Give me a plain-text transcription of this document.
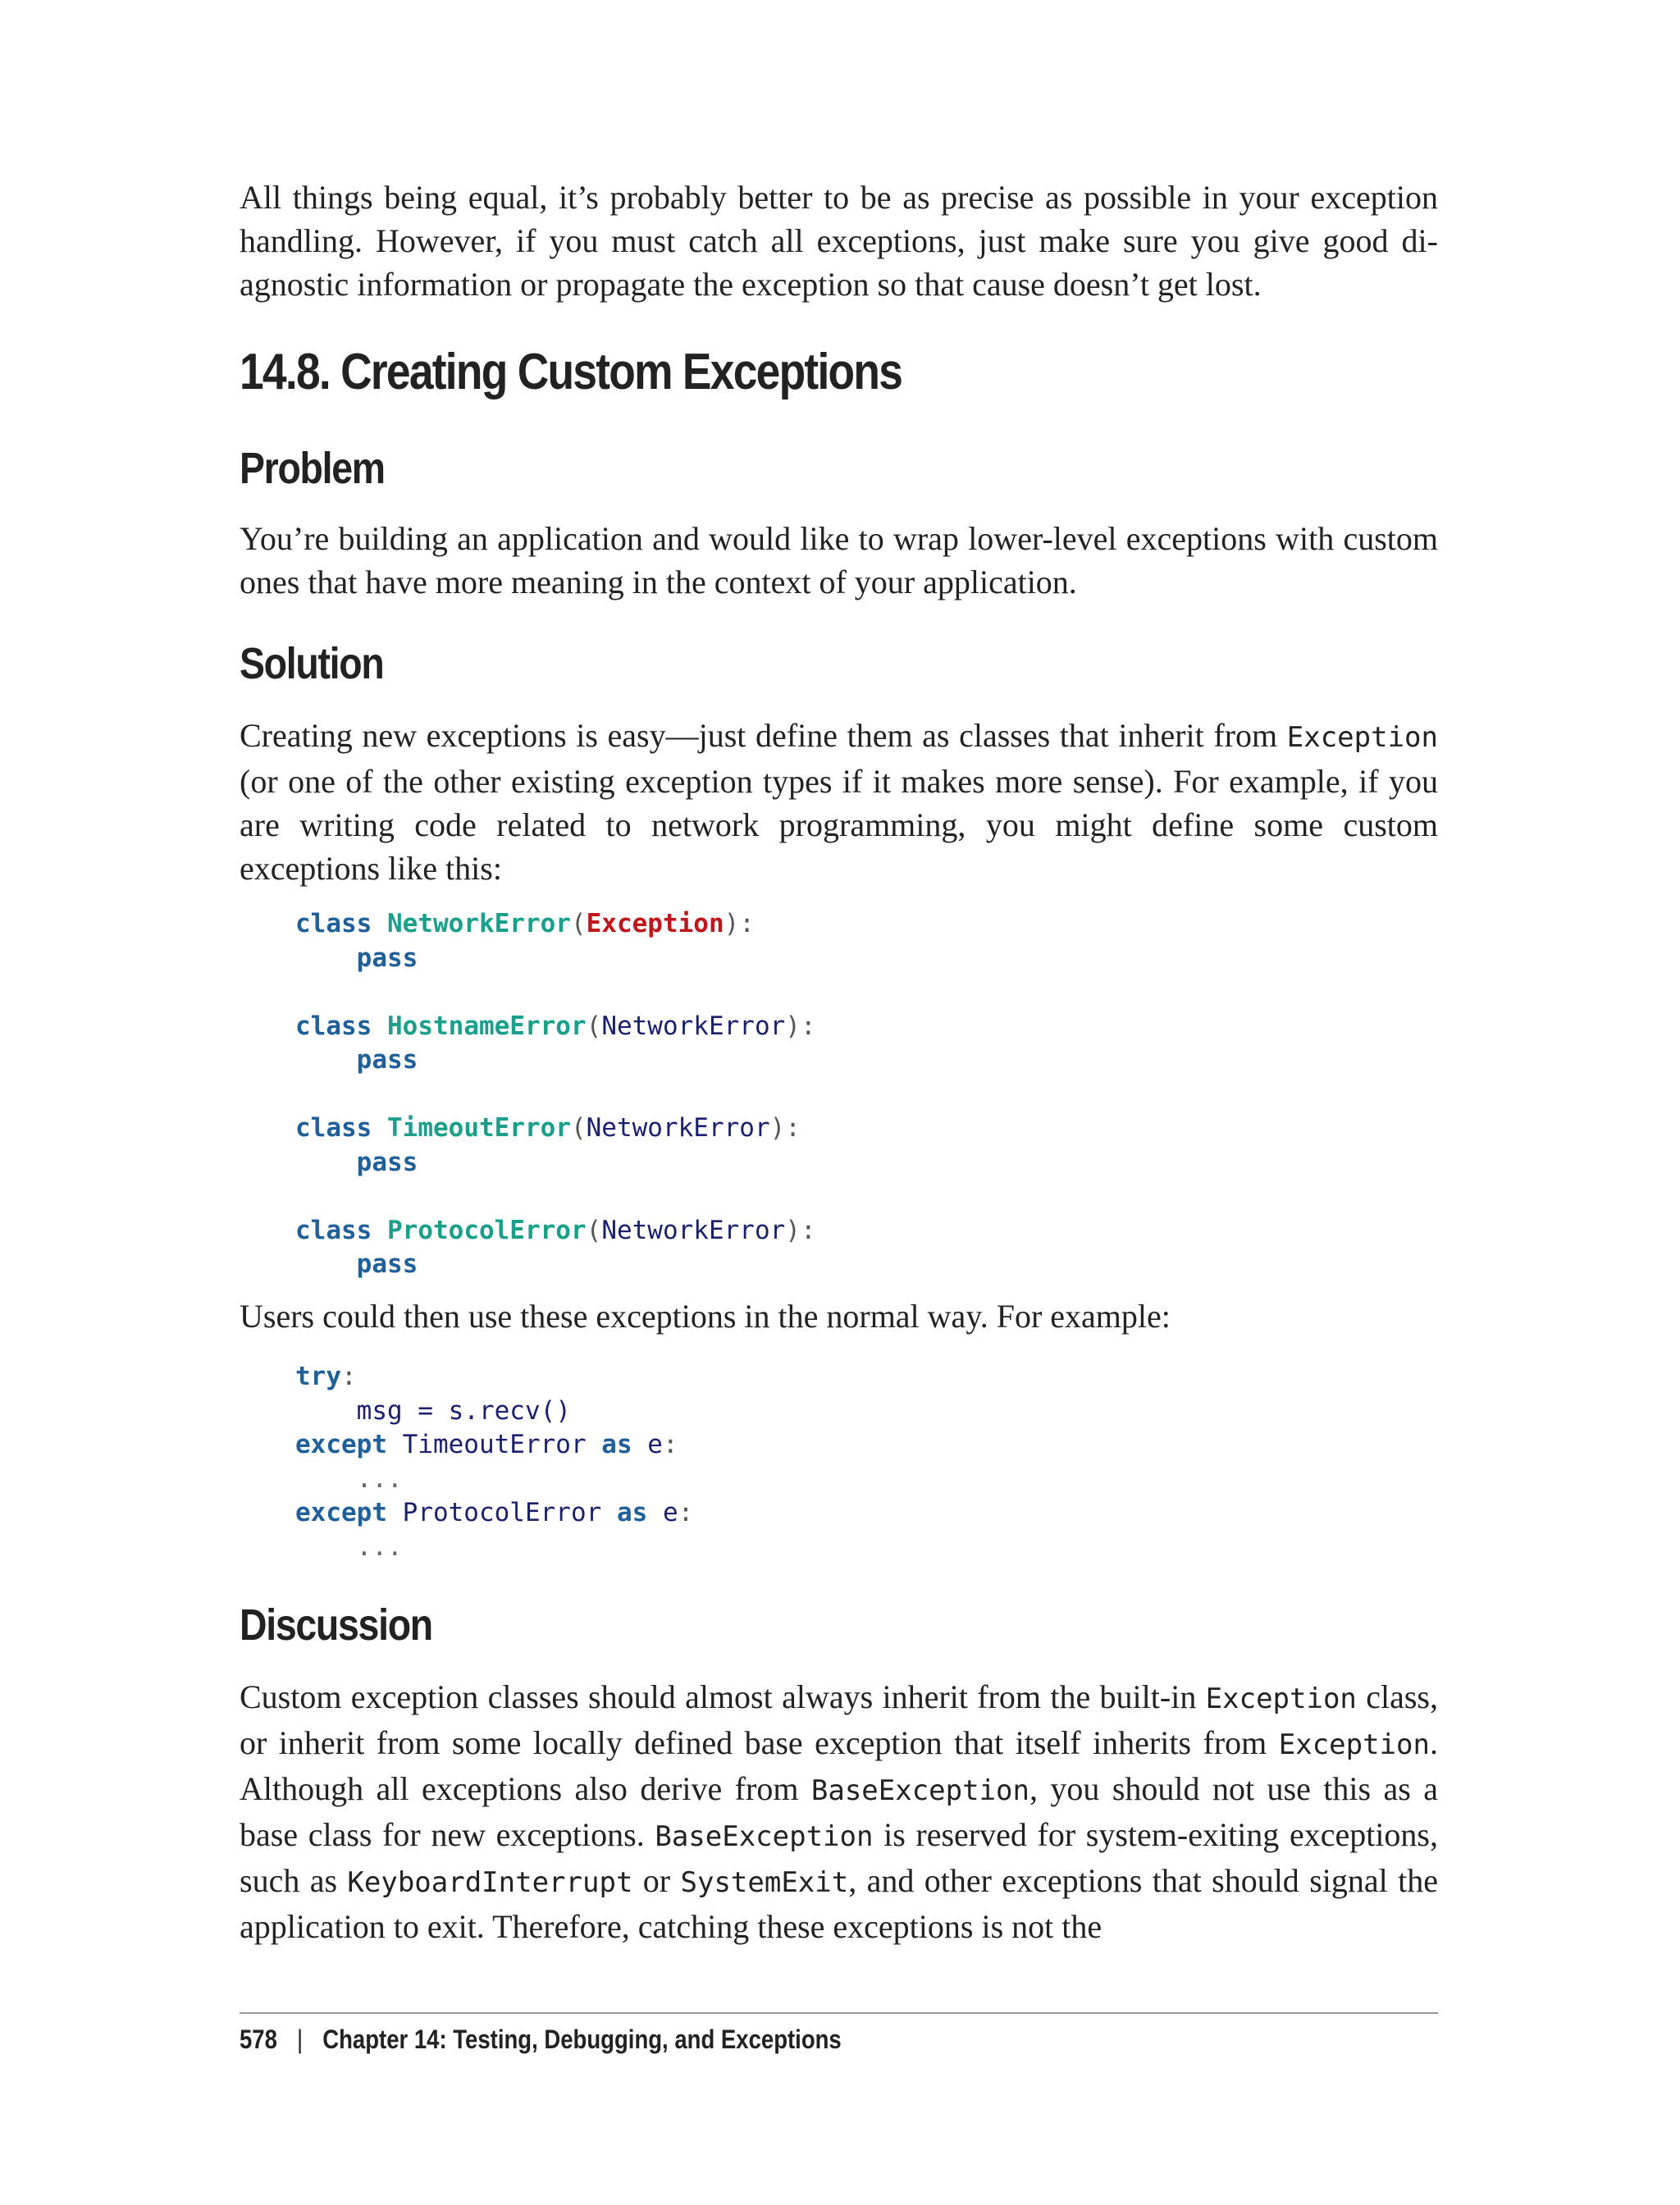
All things being equal, it’s probably better to be as precise as possible in your exception handling. However, if you must catch all exceptions, just make sure you give good diagnostic information or propagate the exception so that cause doesn’t get lost.

14.8. Creating Custom Exceptions
Problem

You’re building an application and would like to wrap lower-level exceptions with custom ones that have more meaning in the context of your application.

Solution

Creating new exceptions is easy—just define them as classes that inherit from Exception (or one of the other existing exception types if it makes more sense). For example, if you are writing code related to network programming, you might define some custom exceptions like this:

class NetworkError(Exception):
pass

class HostnameError(NetworkError):
pass

class TimeoutError(NetworkError):
pass

class ProtocolError(NetworkError):
pass

Users could then use these exceptions in the normal way. For example:

try:
msg = s.recv()
except TimeoutError as e:
...
except ProtocolError as e:
...
Discussion

Custom exception classes should almost always inherit from the built-in Exception class, or inherit from some locally defined base exception that itself inherits from Exception. Although all exceptions also derive from BaseException, you should not use this as a base class for new exceptions. BaseException is reserved for system-exiting exceptions, such as KeyboardInterrupt or SystemExit, and other exceptions that should signal the application to exit. Therefore, catching these exceptions is not the

578 | Chapter 14: Testing, Debugging, and Exceptions
